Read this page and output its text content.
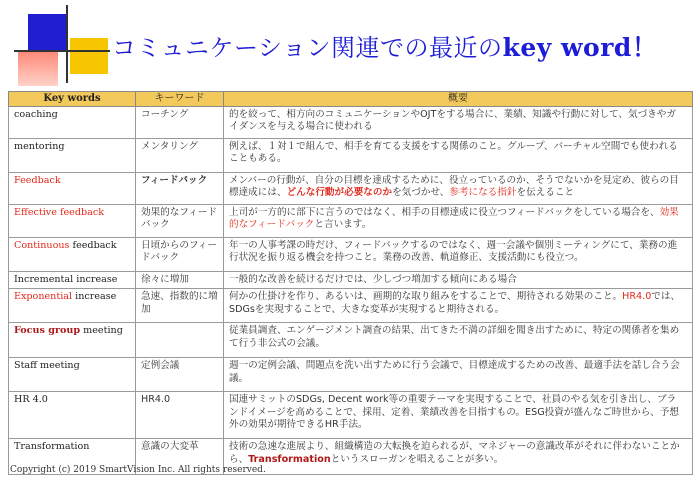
コミュニケーション関連での最近のkey word！
Key words	キーワード	概要
coaching	コーチング	的を絞って、相方向のコミュニケーションやOJTをする場合に、業績、知識や行動に対して、気づきやガイダンスを与える場合に使われる
mentoring	メンタリング	例えば、１対１で組んで、相手を育てる支援をする関係のこと。グループ、バーチャル空間でも使われることもある。
Feedback	フィードバック	メンバーの行動が、自分の目標を達成するために、役立っているのか、そうでないかを見定め、彼らの目標達成には、どんな行動が必要なのかを気づかせ、参考になる指針を伝えること
Effective feedback	効果的なフィードバック	上司が一方的に部下に言うのではなく、相手の目標達成に役立つフィードバックをしている場合を、効果的なフィードバックと言います。
Continuous feedback	日頃からのフィードバック	年一の人事考課の時だけ、フィードバックするのではなく、週一会議や個別ミーティングにて、業務の進行状況を振り返る機会を持つこと。業務の改善、軌道修正、支援活動にも役立つ。
Incremental increase	徐々に増加	一般的な改善を続けるだけでは、少しづつ増加する傾向にある場合
Exponential increase	急速、指数的に増加	何かの仕掛けを作り、あるいは、画期的な取り組みをすることで、期待される効果のこと。HR4.0では、SDGsを実現することで、大きな変革が実現すると期待される。
Focus group meeting		従業員調査、エンゲージメント調査の結果、出てきた不満の詳細を聞き出すために、特定の関係者を集めて行う非公式の会議。
Staff meeting	定例会議	週一の定例会議、問題点を洗い出すために行う会議で、目標達成するための改善、最適手法を話し合う会議。
HR 4.0	HR4.0	国連サミットのSDGs, Decent work等の重要テーマを実現することで、社員のやる気を引き出し、ブランドイメージを高めることで、採用、定着、業績改善を目指すもの。ESG投資が盛んなご時世から、予想外の効果が期待できるHR手法。
Transformation	意識の大変革	技術の急速な進展より、組織構造の大転換を迫られるが、マネジャーの意識改革がそれに伴わないことから、Transformationというスローガンを唱えることが多い。
Copyright (c) 2019 SmartVision Inc. All rights reserved.
